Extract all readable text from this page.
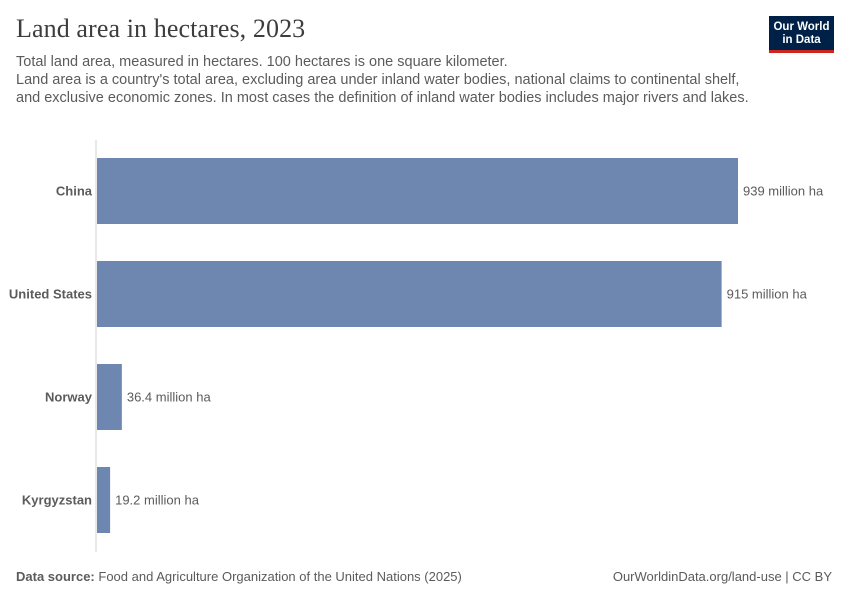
Land area in hectares, 2023

Total land area, measured in hectares. 100 hectares is one square kilometer.

Land area is a country's total area, excluding area under inland water bodies, national claims to continental shelf, and exclusive economic zones. In most cases the definition of inland water bodies includes major rivers and lakes.

Our World
in Data
China	939 million ha
United States	915 million ha
Norway	36.4 million ha
Kyrgyzstan 19.2 million ha
Data source: Food and Agriculture Organization of the United Nations (2025)	OurWorldinData.org/land-use | CC BY
